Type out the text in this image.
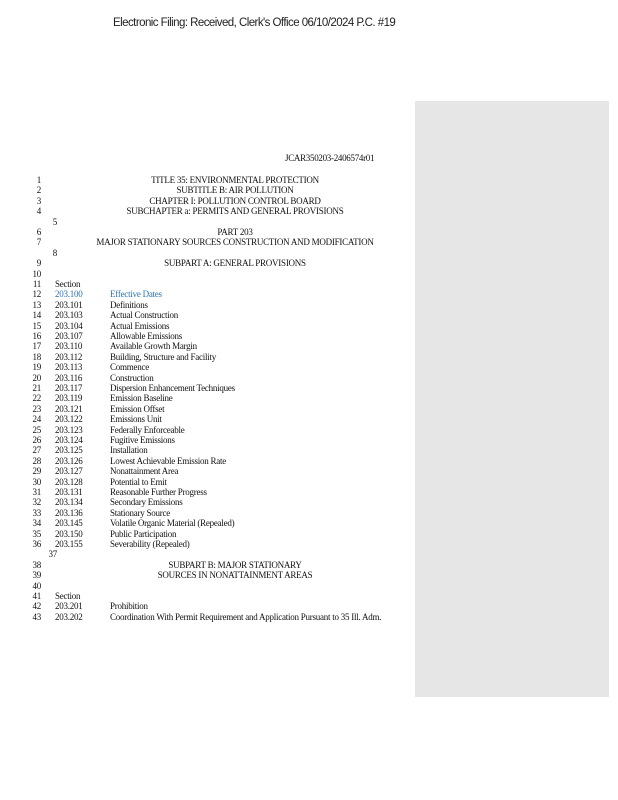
Electronic Filing: Received, Clerk's Office 06/10/2024 P.C. #19
JCAR350203-2406574r01
1	TITLE 35: ENVIRONMENTAL PROTECTION
2	SUBTITLE B: AIR POLLUTION
3	CHAPTER I: POLLUTION CONTROL BOARD
4	SUBCHAPTER a: PERMITS AND GENERAL PROVISIONS
5
6	PART 203
7	MAJOR STATIONARY SOURCES CONSTRUCTION AND MODIFICATION
8
9	SUBPART A: GENERAL PROVISIONS
10
11 Section
12 203.100	Effective Dates
13 203.101	Definitions
14 203.103	Actual Construction
15 203.104	Actual Emissions
16 203.107	Allowable Emissions
17 203.110	Available Growth Margin
18 203.112	Building, Structure and Facility
19 203.113	Commence
20 203.116	Construction
21 203.117	Dispersion Enhancement Techniques
22 203.119	Emission Baseline
23 203.121	Emission Offset
24 203.122	Emissions Unit
25 203.123	Federally Enforceable
26 203.124	Fugitive Emissions
27 203.125	Installation
28 203.126	Lowest Achievable Emission Rate
29 203.127	Nonattainment Area
30 203.128	Potential to Emit
31 203.131	Reasonable Further Progress
32 203.134	Secondary Emissions
33 203.136	Stationary Source
34 203.145	Volatile Organic Material (Repealed)
35 203.150	Public Participation
36 203.155	Severability (Repealed)
37
38	SUBPART B: MAJOR STATIONARY
39	SOURCES IN NONATTAINMENT AREAS
40
41 Section
42 203.201	Prohibition
43 203.202	Coordination With Permit Requirement and Application Pursuant to 35 Ill. Adm.
